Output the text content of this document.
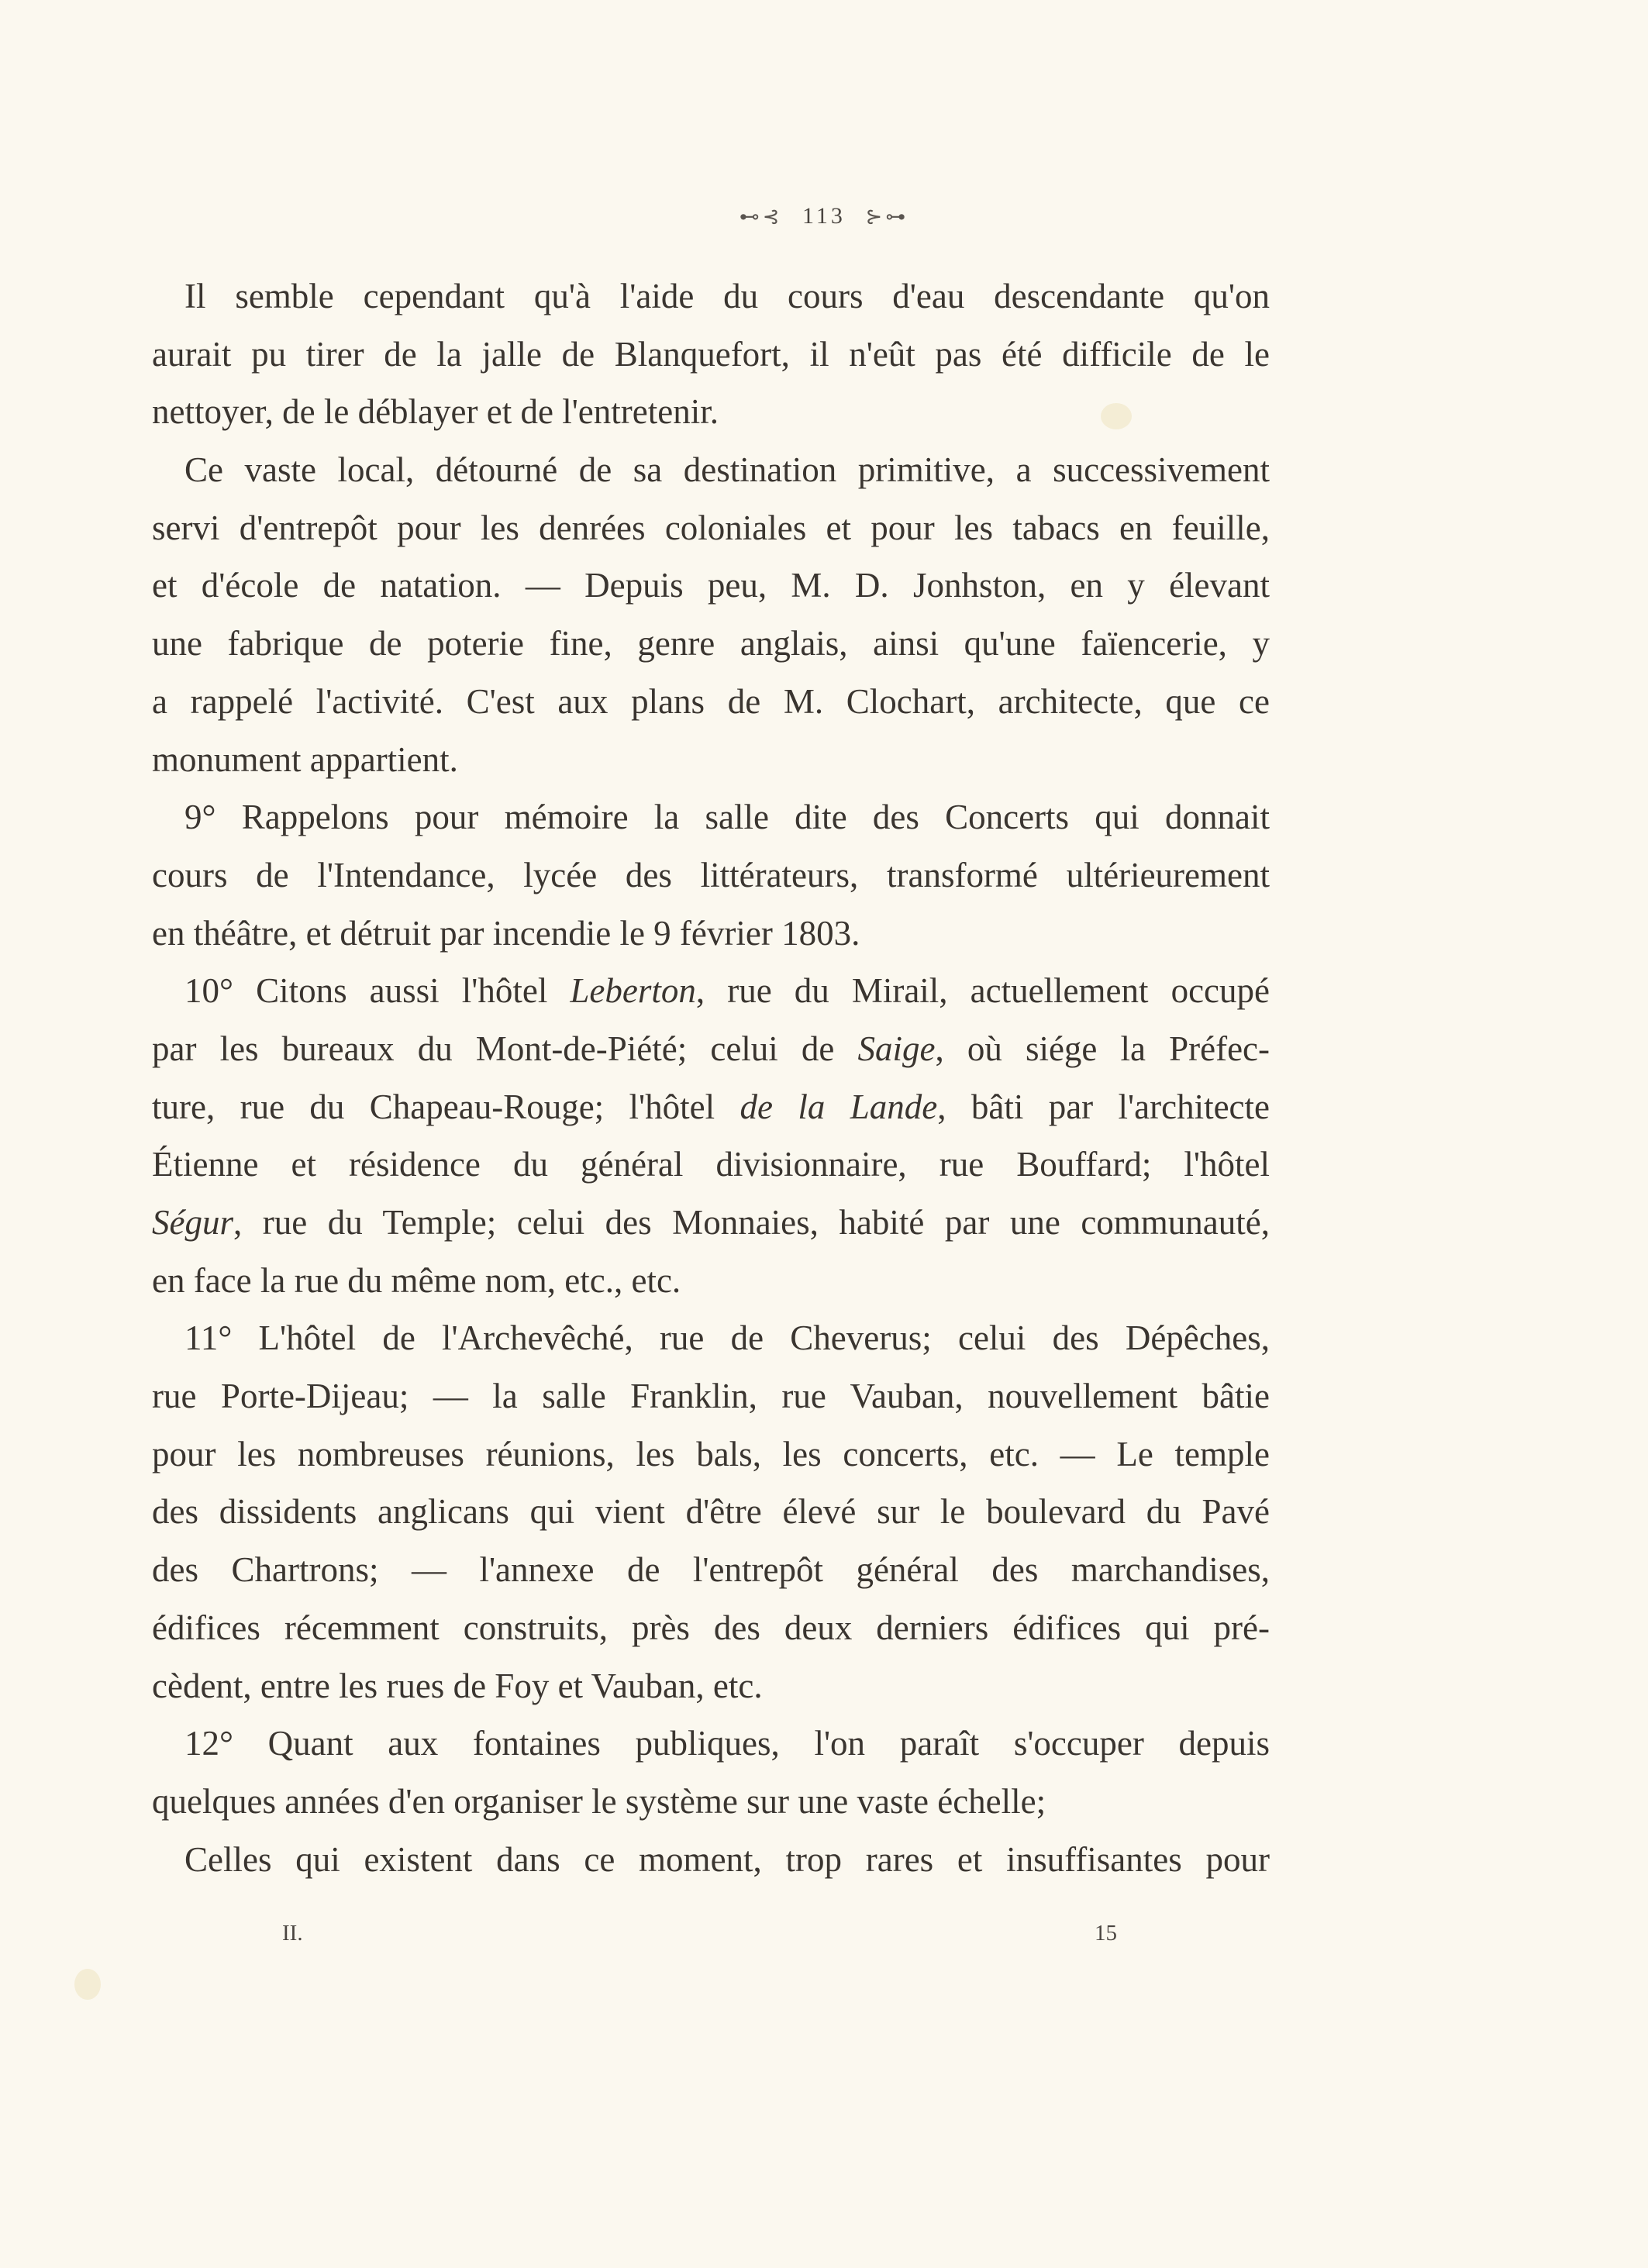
⊷⊰ 113 ⊱⊶
Il semble cependant qu'à l'aide du cours d'eau descendante qu'on
aurait pu tirer de la jalle de Blanquefort, il n'eût pas été difficile de le
nettoyer, de le déblayer et de l'entretenir.
Ce vaste local, détourné de sa destination primitive, a successivement
servi d'entrepôt pour les denrées coloniales et pour les tabacs en feuille,
et d'école de natation. — Depuis peu, M. D. Jonhston, en y élevant
une fabrique de poterie fine, genre anglais, ainsi qu'une faïencerie, y
a rappelé l'activité. C'est aux plans de M. Clochart, architecte, que ce
monument appartient.
9° Rappelons pour mémoire la salle dite des Concerts qui donnait
cours de l'Intendance, lycée des littérateurs, transformé ultérieurement
en théâtre, et détruit par incendie le 9 février 1803.
10° Citons aussi l'hôtel Leberton, rue du Mirail, actuellement occupé
par les bureaux du Mont-de-Piété; celui de Saige, où siége la Préfec-
ture, rue du Chapeau-Rouge; l'hôtel de la Lande, bâti par l'architecte
Étienne et résidence du général divisionnaire, rue Bouffard; l'hôtel
Ségur, rue du Temple; celui des Monnaies, habité par une communauté,
en face la rue du même nom, etc., etc.
11° L'hôtel de l'Archevêché, rue de Cheverus; celui des Dépêches,
rue Porte-Dijeau; — la salle Franklin, rue Vauban, nouvellement bâtie
pour les nombreuses réunions, les bals, les concerts, etc. — Le temple
des dissidents anglicans qui vient d'être élevé sur le boulevard du Pavé
des Chartrons; — l'annexe de l'entrepôt général des marchandises,
édifices récemment construits, près des deux derniers édifices qui pré-
cèdent, entre les rues de Foy et Vauban, etc.
12° Quant aux fontaines publiques, l'on paraît s'occuper depuis
quelques années d'en organiser le système sur une vaste échelle;
Celles qui existent dans ce moment, trop rares et insuffisantes pour
II.	15
